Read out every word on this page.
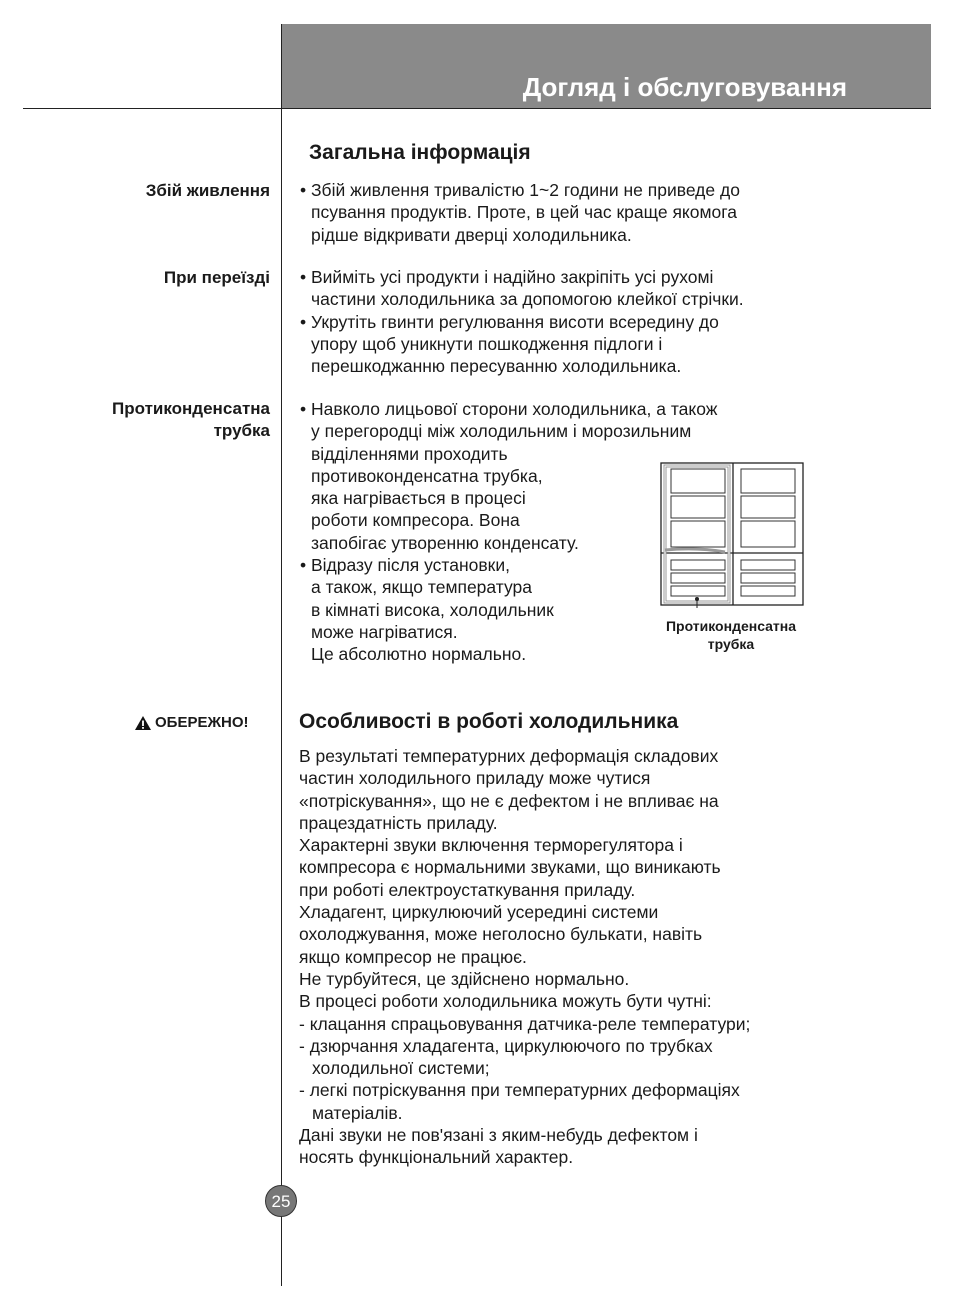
Догляд і обслуговування
Загальна інформація
Збій живлення • Збій живлення тривалістю 1~2 години не приведе до
псування продуктів. Проте, в цей час краще якомога
рідше відкривати дверці холодильника.
При переїзді • Вийміть усі продукти і надійно закріпіть усі рухомі
частини холодильника за допомогою клейкої стрічки.
• Укрутіть гвинти регулювання висоти всередину до
упору щоб уникнути пошкодження підлоги і
перешкоджанню пересуванню холодильника.
Протиконденсатна
трубка
• Навколо лицьової сторони холодильника, а також
у перегородці між холодильним і морозильним
відділеннями проходить
противоконденсатна трубка,
яка нагрівається в процесі
роботи компресора. Вона
запобігає утворенню конденсату.
• Відразу після установки,
а також, якщо температура
в кімнаті висока, холодильник
може нагріватися.
Це абсолютно нормально.
Протиконденсатна
трубка
ОБЕРЕЖНО! Особливості в роботі холодильника
В результаті температурних деформація складових
частин холодильного приладу може чутися
«потрiскування», що не є дефектом і не впливає на
працездатність приладу.
Характерні звуки включення терморегулятора і
компресора є нормальними звуками, що виникають
при роботі електроустаткування приладу.
Хладагент, циркулюючий усередині системи
охолоджування, може неголосно булькати, навіть
якщо компресор не працює.
Не турбуйтеся, це здійснено нормально.
В процесі роботи холодильника можуть бути чутні:
- клацання спрацьовування датчика-реле температури;
- дзюрчання хладагента, циркулюючого по трубках
холодильної системи;
- легкі потріскування при температурних деформаціях
матеріалів.
Дані звуки не пов'язані з яким-небудь дефектом і
носять функціональний характер.
25
